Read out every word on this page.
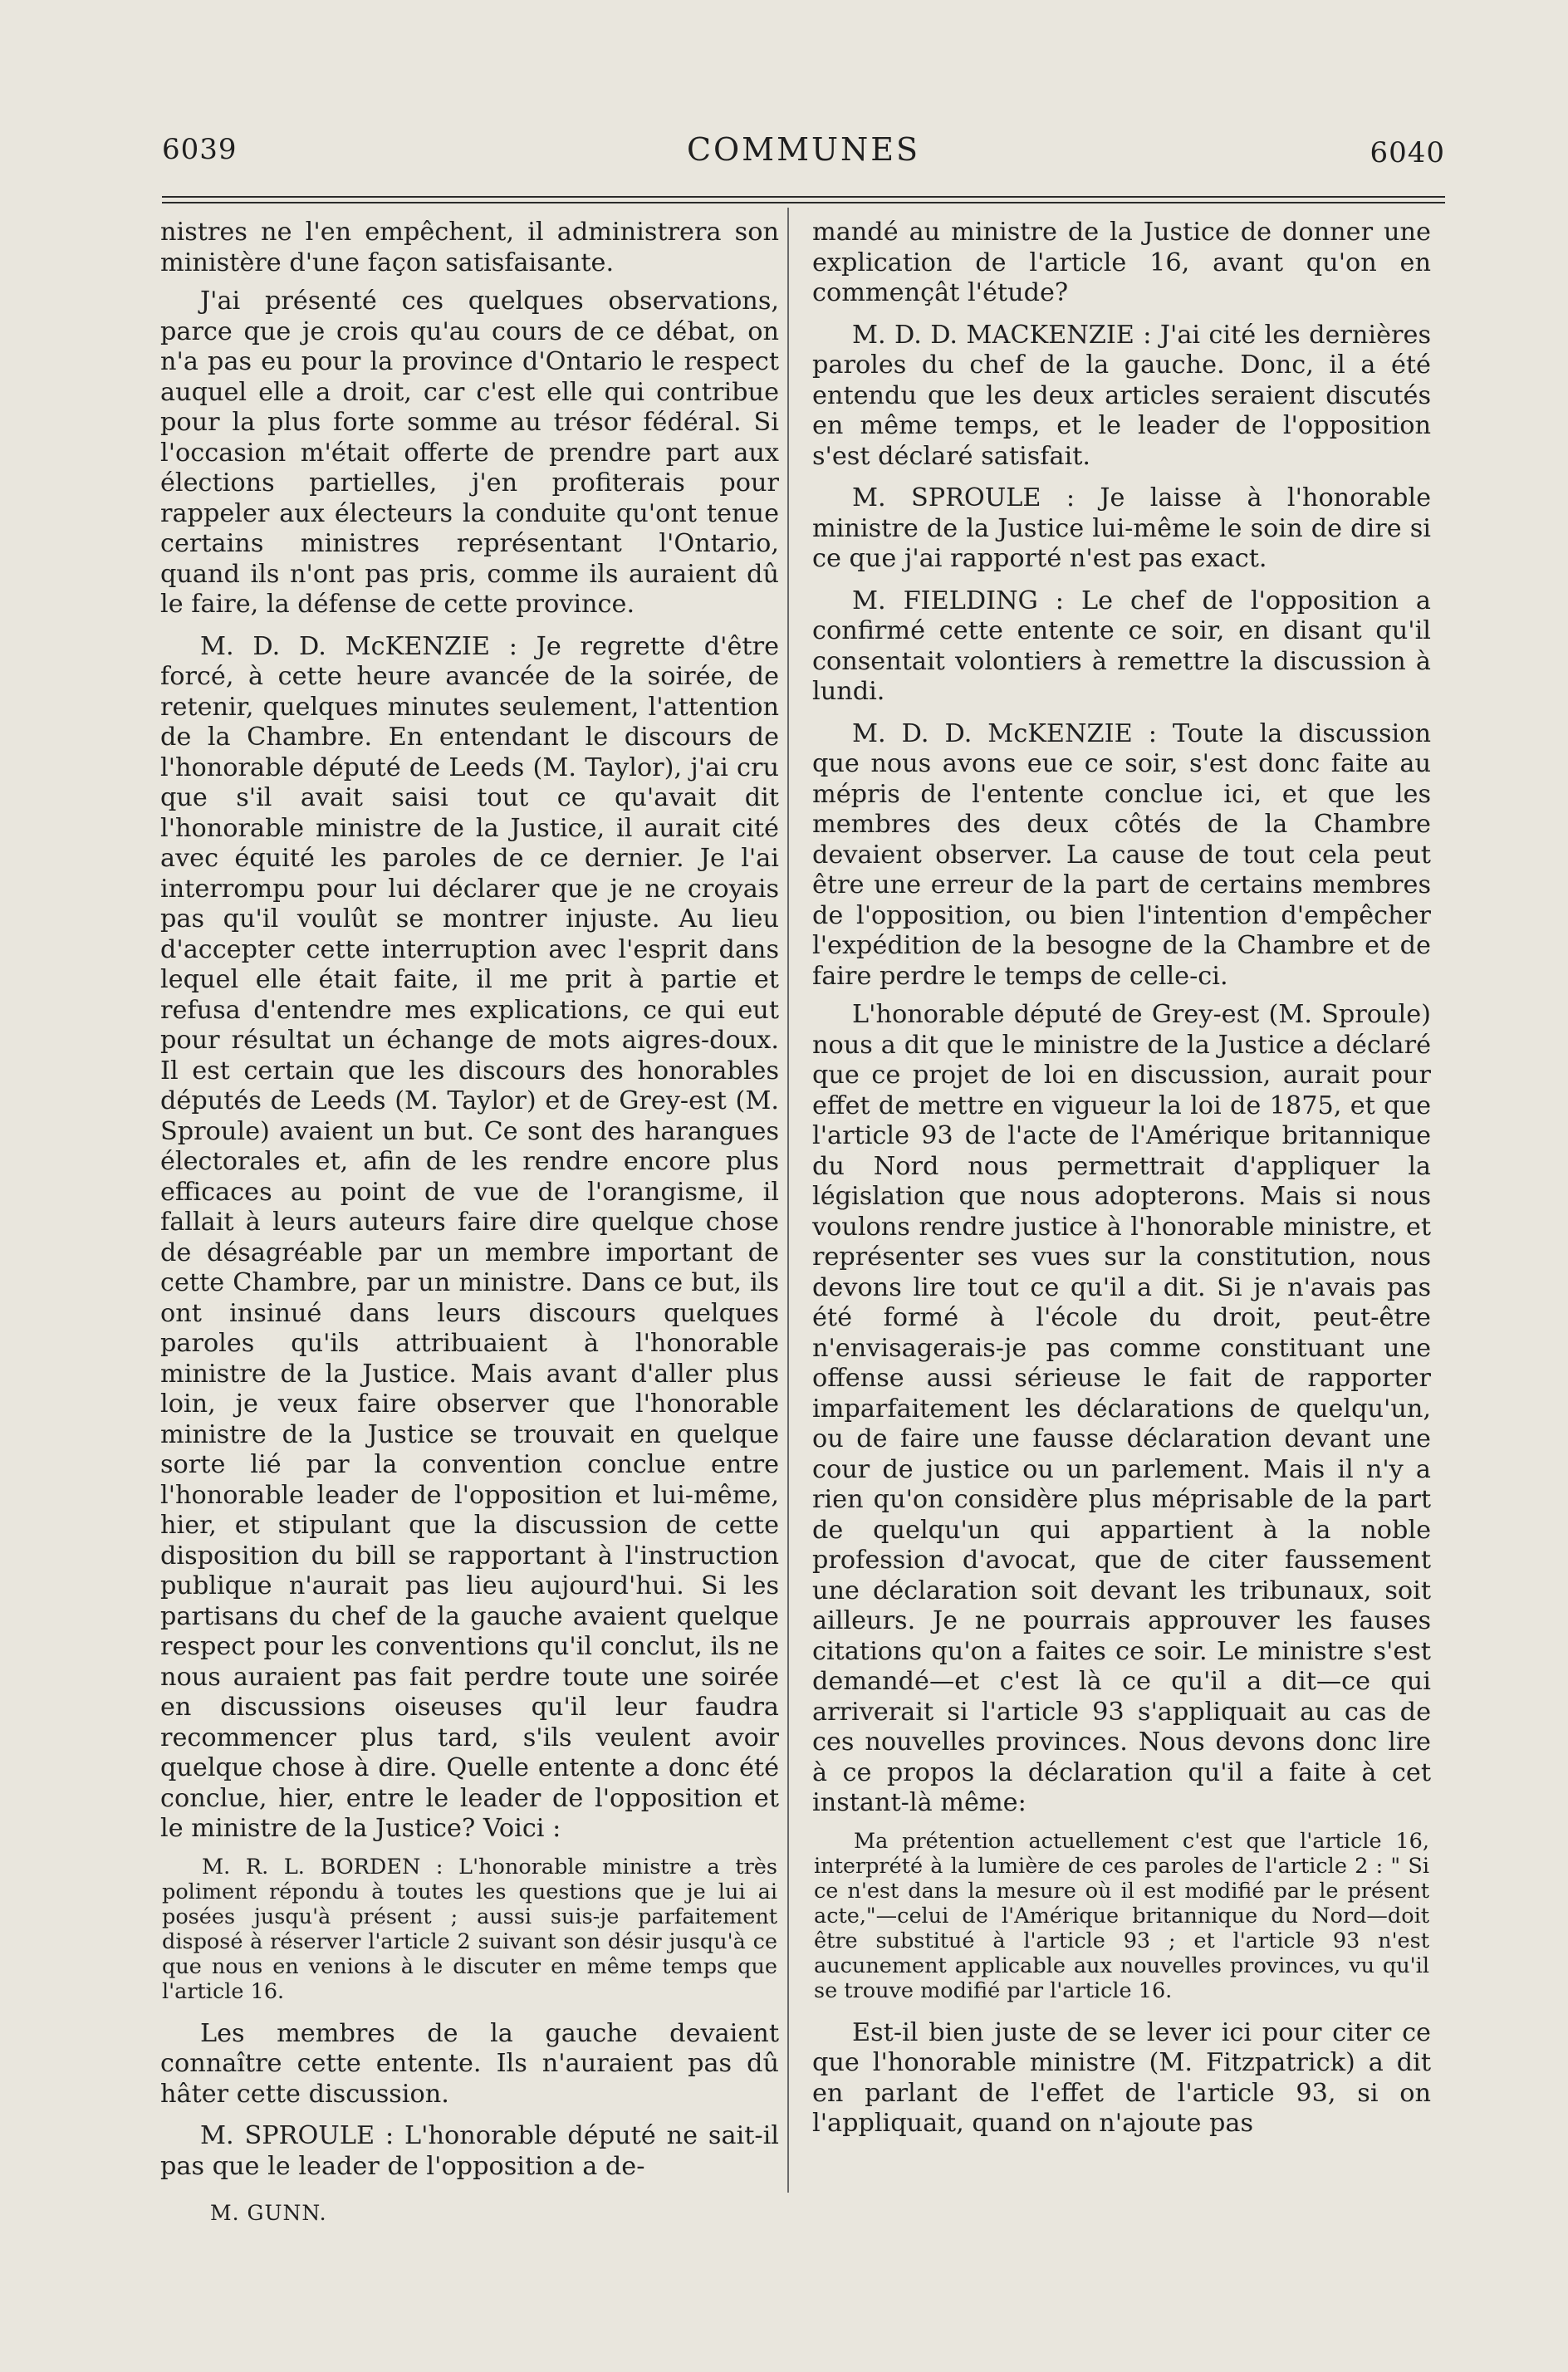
6039	COMMUNES	6040

nistres ne l'en empêchent, il administrera son ministère d'une façon satisfaisante.

J'ai présenté ces quelques observations, parce que je crois qu'au cours de ce débat, on n'a pas eu pour la province d'Ontario le respect auquel elle a droit, car c'est elle qui contribue pour la plus forte somme au trésor fédéral. Si l'occasion m'était offerte de prendre part aux élections partielles, j'en profiterais pour rappeler aux électeurs la conduite qu'ont tenue certains ministres représentant l'Ontario, quand ils n'ont pas pris, comme ils auraient dû le faire, la défense de cette province.

M. D. D. McKENZIE : Je regrette d'être forcé, à cette heure avancée de la soirée, de retenir, quelques minutes seulement, l'attention de la Chambre. En entendant le discours de l'honorable député de Leeds (M. Taylor), j'ai cru que s'il avait saisi tout ce qu'avait dit l'honorable ministre de la Justice, il aurait cité avec équité les paroles de ce dernier. Je l'ai interrompu pour lui déclarer que je ne croyais pas qu'il voulût se montrer injuste. Au lieu d'accepter cette interruption avec l'esprit dans lequel elle était faite, il me prit à partie et refusa d'entendre mes explications, ce qui eut pour résultat un échange de mots aigres-doux. Il est certain que les discours des honorables députés de Leeds (M. Taylor) et de Grey-est (M. Sproule) avaient un but. Ce sont des harangues électorales et, afin de les rendre encore plus efficaces au point de vue de l'orangisme, il fallait à leurs auteurs faire dire quelque chose de désagréable par un membre important de cette Chambre, par un ministre. Dans ce but, ils ont insinué dans leurs discours quelques paroles qu'ils attribuaient à l'honorable ministre de la Justice. Mais avant d'aller plus loin, je veux faire observer que l'honorable ministre de la Justice se trouvait en quelque sorte lié par la convention conclue entre l'honorable leader de l'opposition et lui-même, hier, et stipulant que la discussion de cette disposition du bill se rapportant à l'instruction publique n'aurait pas lieu aujourd'hui. Si les partisans du chef de la gauche avaient quelque respect pour les conventions qu'il conclut, ils ne nous auraient pas fait perdre toute une soirée en discussions oiseuses qu'il leur faudra recommencer plus tard, s'ils veulent avoir quelque chose à dire. Quelle entente a donc été conclue, hier, entre le leader de l'opposition et le ministre de la Justice? Voici :

M. R. L. BORDEN : L'honorable ministre a très poliment répondu à toutes les questions que je lui ai posées jusqu'à présent ; aussi suis-je parfaitement disposé à réserver l'article 2 suivant son désir jusqu'à ce que nous en venions à le discuter en même temps que l'article 16.

Les membres de la gauche devaient connaître cette entente. Ils n'auraient pas dû hâter cette discussion.

M. SPROULE : L'honorable député ne sait-il pas que le leader de l'opposition a de-

M. GUNN.

mandé au ministre de la Justice de donner une explication de l'article 16, avant qu'on en commençât l'étude?

M. D. D. MACKENZIE : J'ai cité les dernières paroles du chef de la gauche. Donc, il a été entendu que les deux articles seraient discutés en même temps, et le leader de l'opposition s'est déclaré satisfait.

M. SPROULE : Je laisse à l'honorable ministre de la Justice lui-même le soin de dire si ce que j'ai rapporté n'est pas exact.

M. FIELDING : Le chef de l'opposition a confirmé cette entente ce soir, en disant qu'il consentait volontiers à remettre la discussion à lundi.

M. D. D. McKENZIE : Toute la discussion que nous avons eue ce soir, s'est donc faite au mépris de l'entente conclue ici, et que les membres des deux côtés de la Chambre devaient observer. La cause de tout cela peut être une erreur de la part de certains membres de l'opposition, ou bien l'intention d'empêcher l'expédition de la besogne de la Chambre et de faire perdre le temps de celle-ci.

L'honorable député de Grey-est (M. Sproule) nous a dit que le ministre de la Justice a déclaré que ce projet de loi en discussion, aurait pour effet de mettre en vigueur la loi de 1875, et que l'article 93 de l'acte de l'Amérique britannique du Nord nous permettrait d'appliquer la législation que nous adopterons. Mais si nous voulons rendre justice à l'honorable ministre, et représenter ses vues sur la constitution, nous devons lire tout ce qu'il a dit. Si je n'avais pas été formé à l'école du droit, peut-être n'envisagerais-je pas comme constituant une offense aussi sérieuse le fait de rapporter imparfaitement les déclarations de quelqu'un, ou de faire une fausse déclaration devant une cour de justice ou un parlement. Mais il n'y a rien qu'on considère plus méprisable de la part de quelqu'un qui appartient à la noble profession d'avocat, que de citer faussement une déclaration soit devant les tribunaux, soit ailleurs. Je ne pourrais approuver les fauses citations qu'on a faites ce soir. Le ministre s'est demandé—et c'est là ce qu'il a dit—ce qui arriverait si l'article 93 s'appliquait au cas de ces nouvelles provinces. Nous devons donc lire à ce propos la déclaration qu'il a faite à cet instant-là même:

Ma prétention actuellement c'est que l'article 16, interprété à la lumière de ces paroles de l'article 2 : " Si ce n'est dans la mesure où il est modifié par le présent acte,"—celui de l'Amérique britannique du Nord—doit être substitué à l'article 93 ; et l'article 93 n'est aucunement applicable aux nouvelles provinces, vu qu'il se trouve modifié par l'article 16.

Est-il bien juste de se lever ici pour citer ce que l'honorable ministre (M. Fitzpatrick) a dit en parlant de l'effet de l'article 93, si on l'appliquait, quand on n'ajoute pas
